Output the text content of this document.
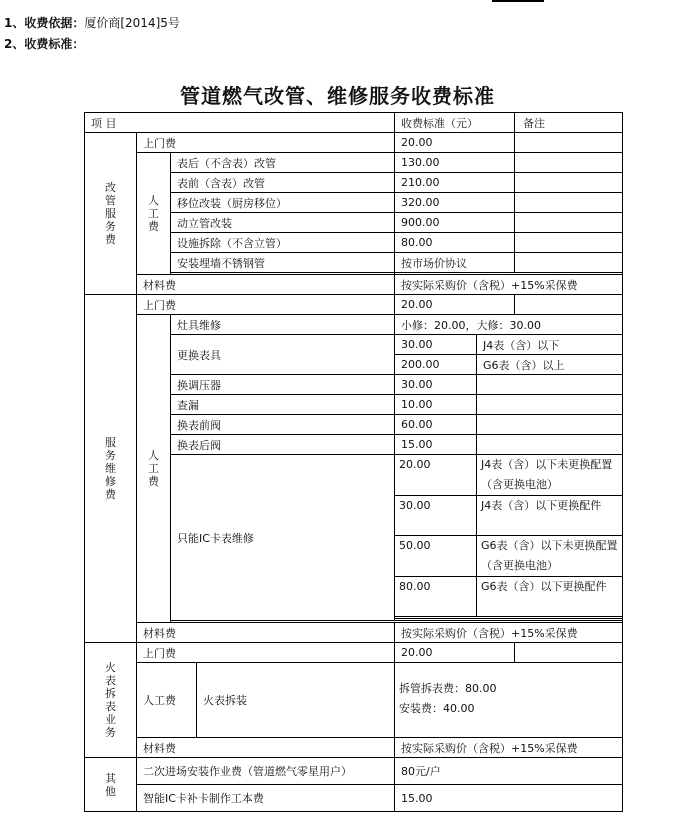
1、收费依据：厦价商[2014]5号
2、收费标准：
管道燃气改管、维修服务收费标准
项 目				收费标准（元）		备注
改管服务费	上门费			20.00		
	人工费	表后（不含表）改管		130.00		
		表前（含表）改管		210.00		
		移位改装（厨房移位）		320.00		
		动立管改装		900.00		
		设施拆除（不含立管）		80.00		
		安装埋墙不锈钢管		按市场价协议		

	材料费			按实际采购价（含税）+15%采保费		
服务维修费	上门费			20.00		
	人工费	灶具维修		小修：20.00，大修：30.00		
		更换表具		30.00	J4表（含）以下	
				200.00	G6表（含）以上	
		换调压器		30.00		
		查漏		10.00		
		换表前阀		60.00		
		换表后阀		15.00		
		只能IC卡表维修		20.00	J4表（含）以下未更换配置（含更换电池）	
				30.00	J4表（含）以下更换配件	
				50.00	G6表（含）以下未更换配置（含更换电池）	
				80.00	G6表（含）以下更换配件	

	材料费			按实际采购价（含税）+15%采保费		
火表拆表业务	上门费			20.00		
	人工费		火表拆装	拆管拆表费：80.00
安装费：40.00		

	材料费			按实际采购价（含税）+15%采保费		
其他	二次进场安装作业费（管道燃气零星用户）			80元/户		
	智能IC卡补卡制作工本费			15.00		
